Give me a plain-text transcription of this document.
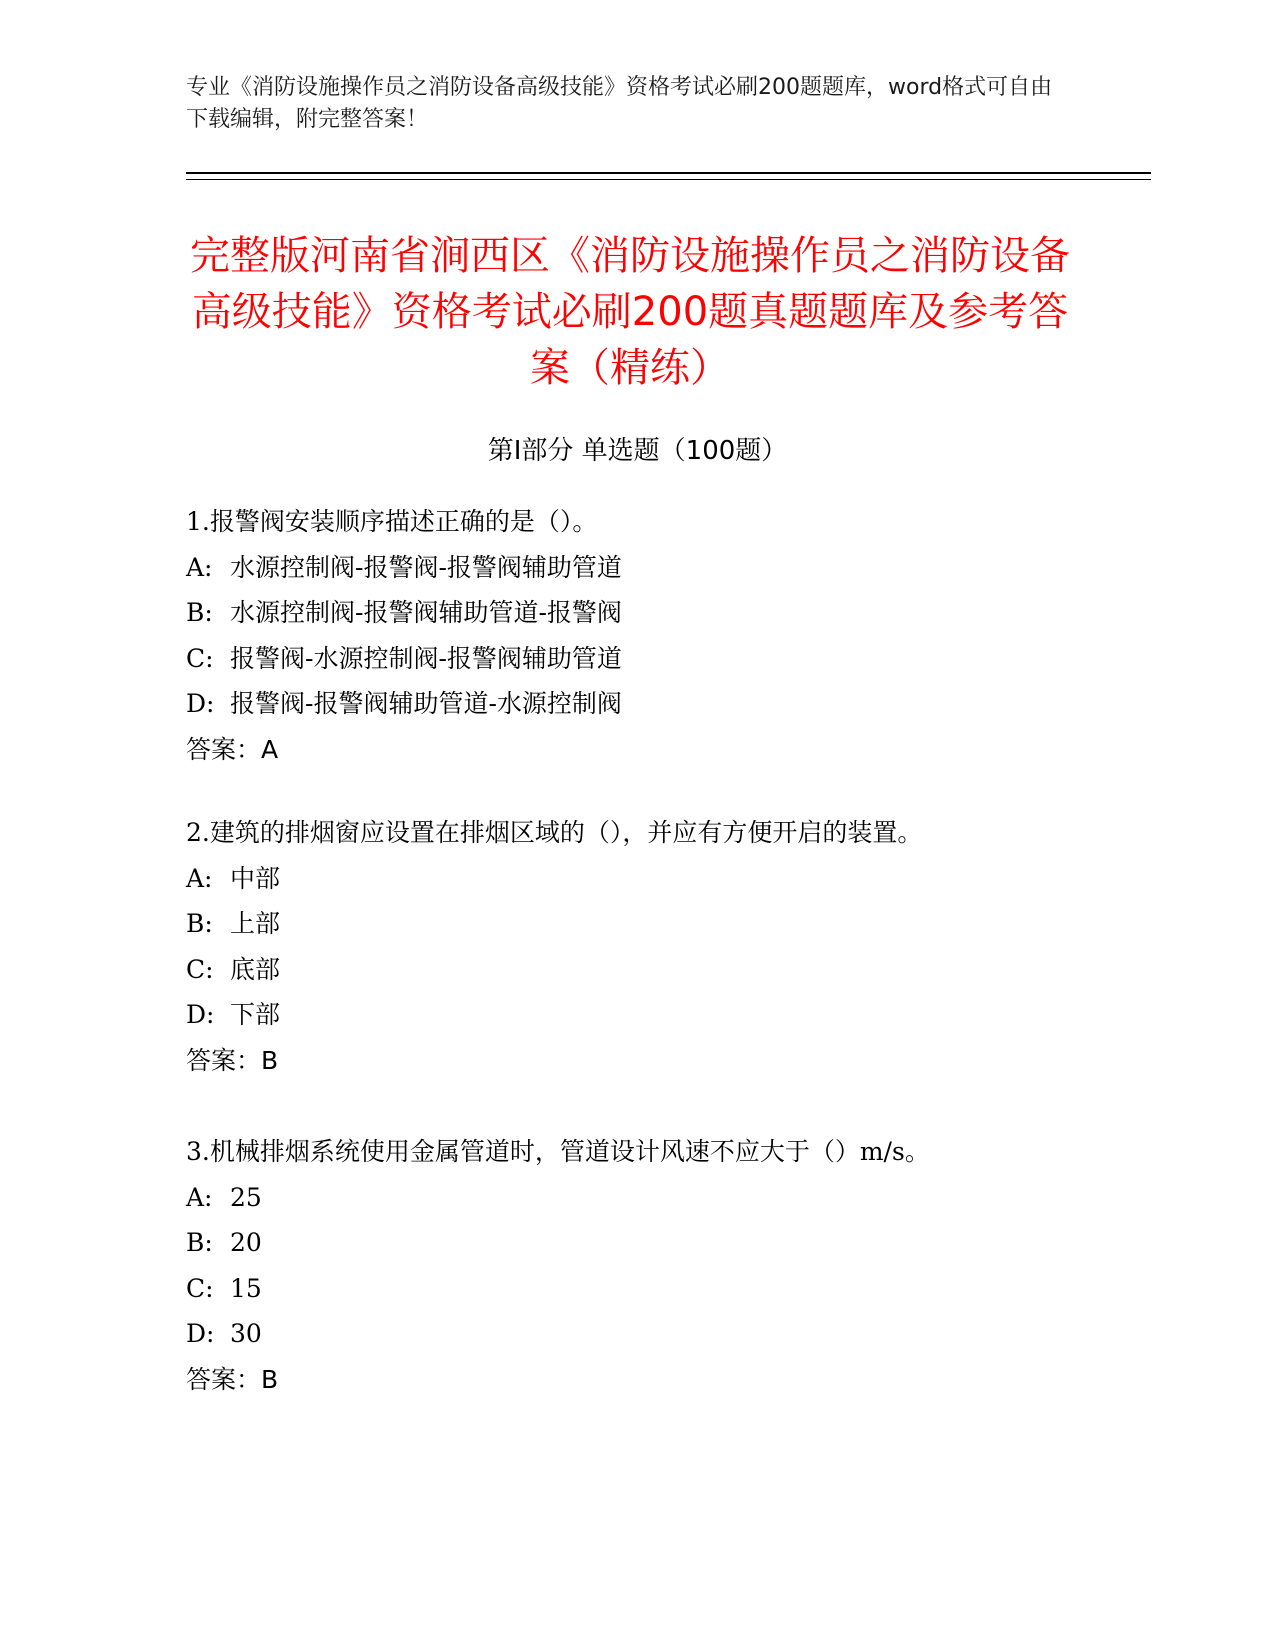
专业《消防设施操作员之消防设备高级技能》资格考试必刷200题题库，word格式可自由下载编辑，附完整答案！
完整版河南省涧西区《消防设施操作员之消防设备高级技能》资格考试必刷200题真题题库及参考答案（精练）
第Ⅰ部分 单选题（100题）
1.报警阀安装顺序描述正确的是（）。
A: 水源控制阀-报警阀-报警阀辅助管道
B: 水源控制阀-报警阀辅助管道-报警阀
C: 报警阀-水源控制阀-报警阀辅助管道
D: 报警阀-报警阀辅助管道-水源控制阀
答案：A
2.建筑的排烟窗应设置在排烟区域的（），并应有方便开启的装置。
A: 中部
B: 上部
C: 底部
D: 下部
答案：B
3.机械排烟系统使用金属管道时，管道设计风速不应大于（）m/s。
A: 25
B: 20
C: 15
D: 30
答案：B
